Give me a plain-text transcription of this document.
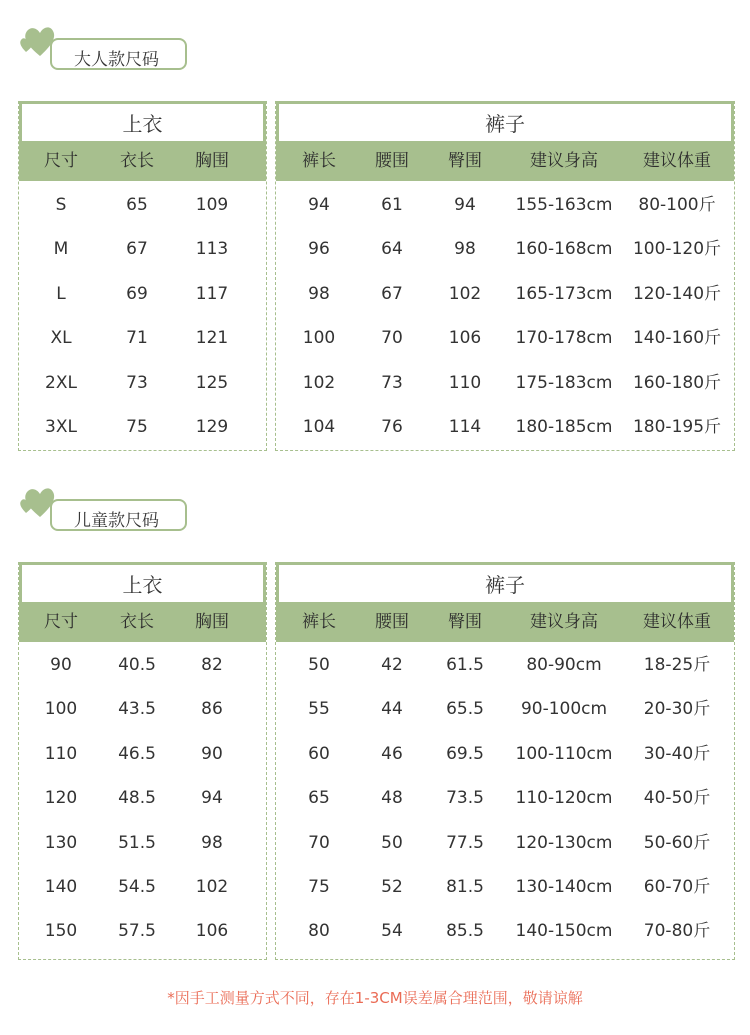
大人款尺码
上衣
尺寸	衣长	胸围
S	65	109
M	67	113
L	69	117
XL	71	121
2XL	73	125
3XL	75	129
裤子
裤长	腰围	臀围	建议身高	建议体重
94	61	94	155-163cm	80-100斤
96	64	98	160-168cm	100-120斤
98	67	102	165-173cm	120-140斤
100	70	106	170-178cm	140-160斤
102	73	110	175-183cm	160-180斤
104	76	114	180-185cm	180-195斤
儿童款尺码
上衣
尺寸	衣长	胸围
90	40.5	82
100	43.5	86
110	46.5	90
120	48.5	94
130	51.5	98
140	54.5	102
150	57.5	106
裤子
裤长	腰围	臀围	建议身高	建议体重
50	42	61.5	80-90cm	18-25斤
55	44	65.5	90-100cm	20-30斤
60	46	69.5	100-110cm	30-40斤
65	48	73.5	110-120cm	40-50斤
70	50	77.5	120-130cm	50-60斤
75	52	81.5	130-140cm	60-70斤
80	54	85.5	140-150cm	70-80斤
*因手工测量方式不同，存在1-3CM误差属合理范围，敬请谅解
